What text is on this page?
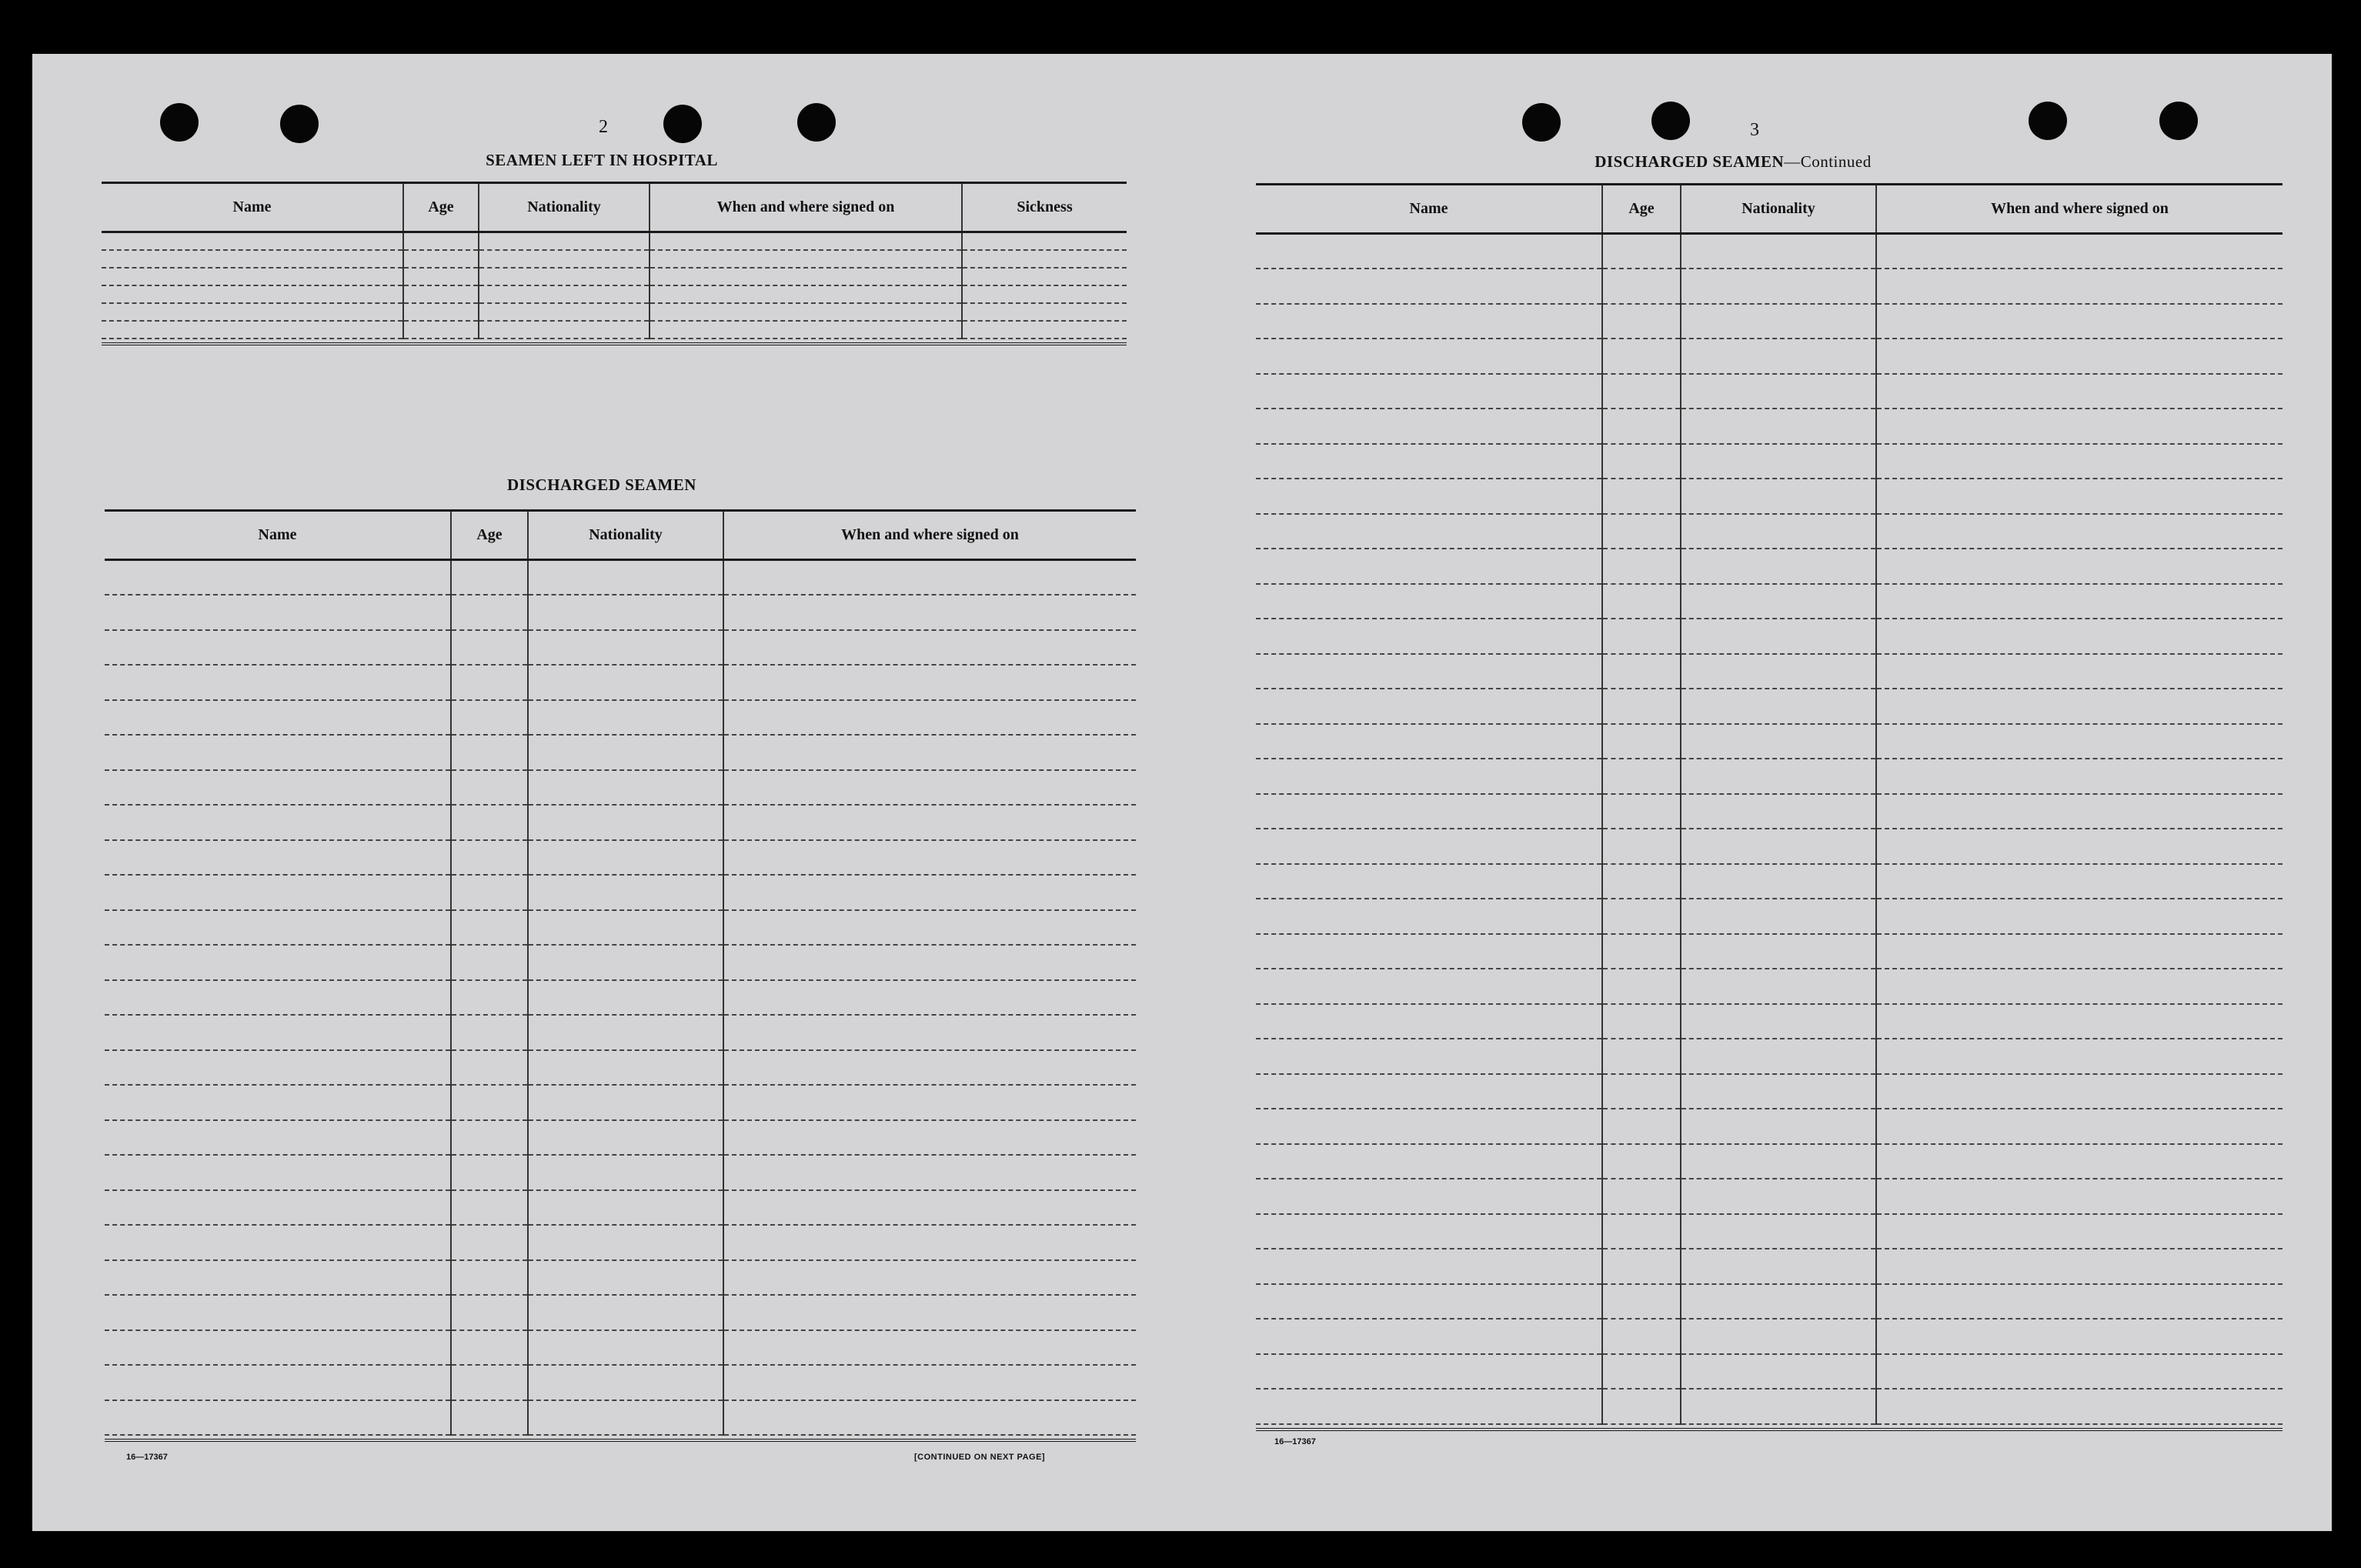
2
SEAMEN LEFT IN HOSPITAL
Name	Age	Nationality	When and where signed on	Sickness

DISCHARGED SEAMEN
Name	Age	Nationality	When and where signed on

16—17367	[CONTINUED ON NEXT PAGE]
3
DISCHARGED SEAMEN—Continued
Name	Age	Nationality	When and where signed on

16—17367
